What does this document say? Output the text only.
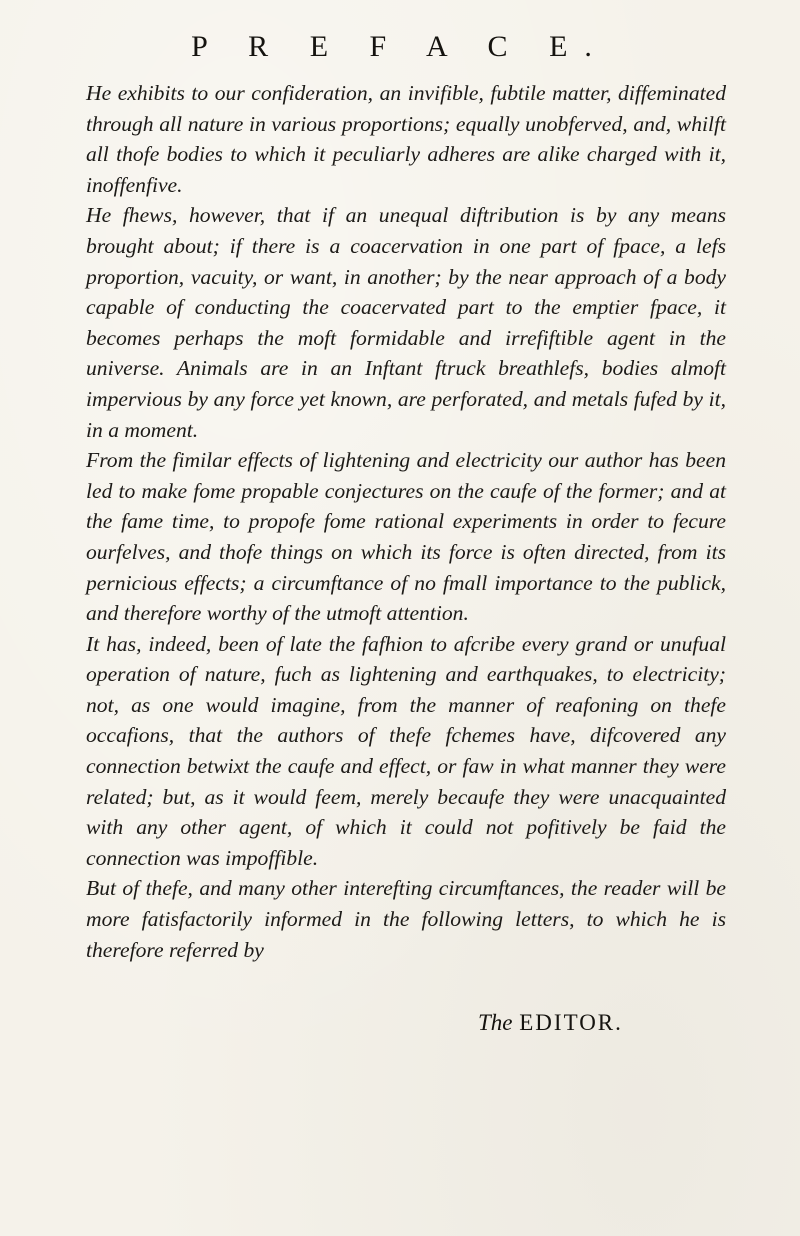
P R E F A C E.

He exhibits to our confideration, an invifible, fubtile matter, diffeminated through all nature in various proportions; equally unobferved, and, whilft all thofe bodies to which it peculiarly adheres are alike charged with it, inoffenfive.

He fhews, however, that if an unequal diftribution is by any means brought about; if there is a coacervation in one part of fpace, a lefs proportion, vacuity, or want, in another; by the near approach of a body capable of conducting the coacervated part to the emptier fpace, it becomes perhaps the moft formidable and irrefiftible agent in the universe. Animals are in an Inftant ftruck breathlefs, bodies almoft impervious by any force yet known, are perforated, and metals fufed by it, in a moment.

From the fimilar effects of lightening and electricity our author has been led to make fome propable conjectures on the caufe of the former; and at the fame time, to propofe fome rational experiments in order to fecure ourfelves, and thofe things on which its force is often directed, from its pernicious effects; a circumftance of no fmall importance to the publick, and therefore worthy of the utmoft attention.

It has, indeed, been of late the fafhion to afcribe every grand or unufual operation of nature, fuch as lightening and earthquakes, to electricity; not, as one would imagine, from the manner of reafoning on thefe occafions, that the authors of thefe fchemes have, difcovered any connection betwixt the caufe and effect, or faw in what manner they were related; but, as it would feem, merely becaufe they were unacquainted with any other agent, of which it could not pofitively be faid the connection was impoffible.

But of thefe, and many other interefting circumftances, the reader will be more fatisfactorily informed in the following letters, to which he is therefore referred by

The EDITOR.
